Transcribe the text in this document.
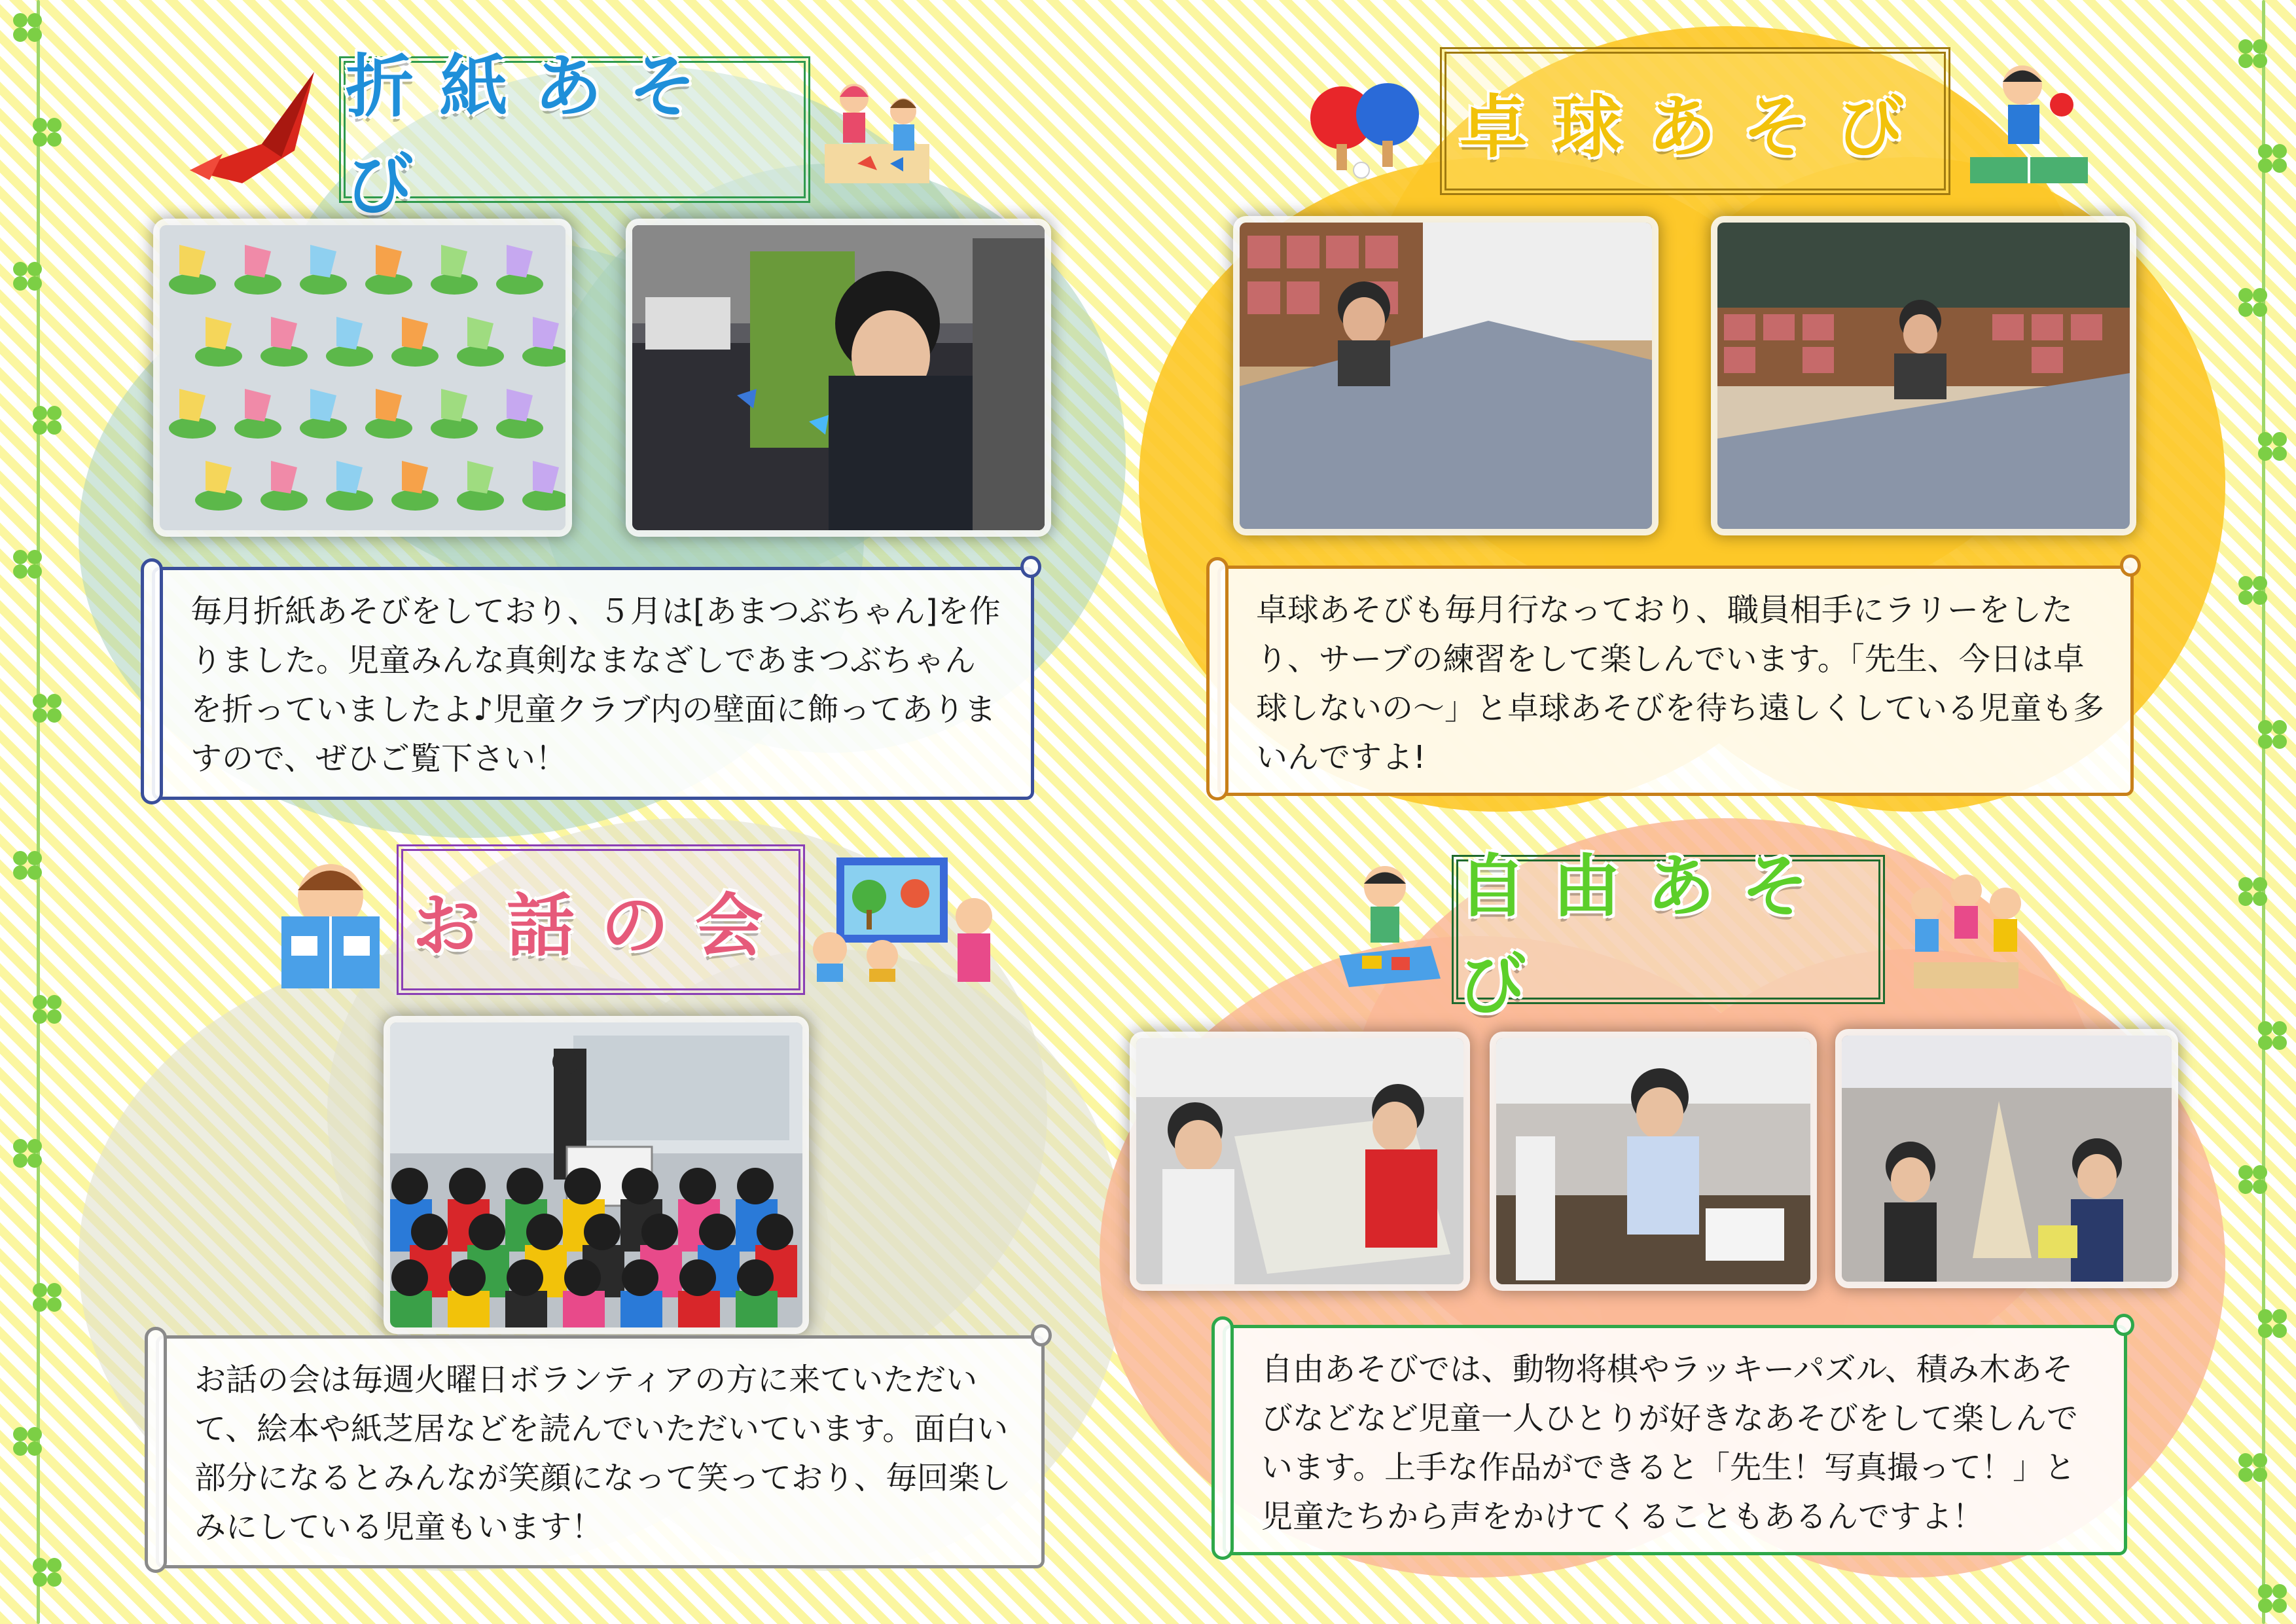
折紙あそび

毎月折紙あそびをしており、５月は[あまつぶちゃん]を作りました。児童みんな真剣なまなざしであまつぶちゃんを折っていましたよ♪児童クラブ内の壁面に飾ってありますので、ぜひご覧下さい！

卓球あそび

卓球あそびも毎月行なっており、職員相手にラリーをしたり、サーブの練習をして楽しんでいます。「先生、今日は卓球しないの～」と卓球あそびを待ち遠しくしている児童も多いんですよ!

お話の会

お話の会は毎週火曜日ボランティアの方に来ていただいて、絵本や紙芝居などを読んでいただいています。面白い部分になるとみんなが笑顔になって笑っており、毎回楽しみにしている児童もいます！

自由あそび

自由あそびでは、動物将棋やラッキーパズル、積み木あそびなどなど児童一人ひとりが好きなあそびをして楽しんでいます。上手な作品ができると「先生！写真撮って！」と児童たちから声をかけてくることもあるんですよ！
